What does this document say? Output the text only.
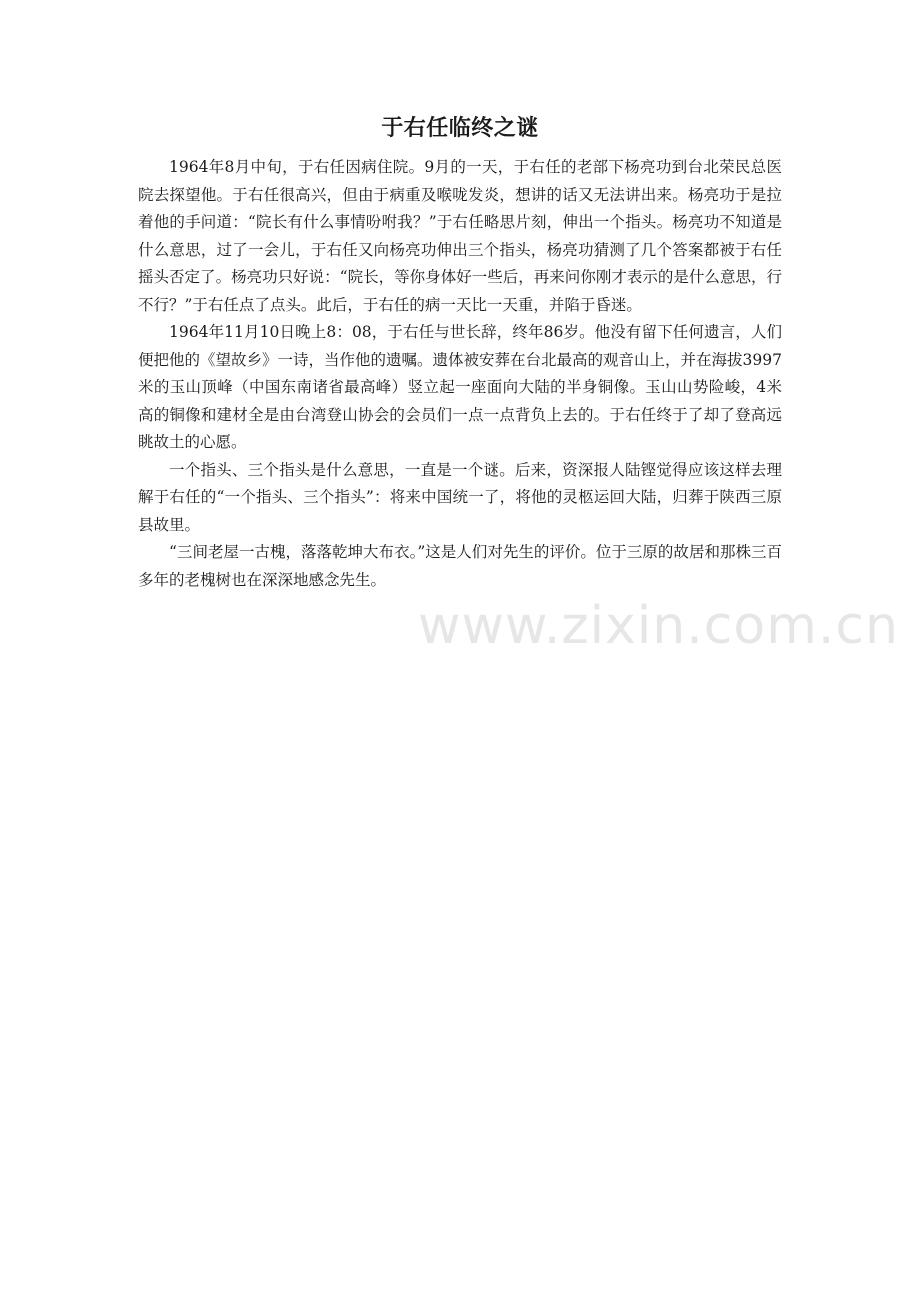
于右任临终之谜

1964年8月中旬，于右任因病住院。9月的一天，于右任的老部下杨亮功到台北荣民总医院去探望他。于右任很高兴，但由于病重及喉咙发炎，想讲的话又无法讲出来。杨亮功于是拉着他的手问道：“院长有什么事情吩咐我？”于右任略思片刻，伸出一个指头。杨亮功不知道是什么意思，过了一会儿，于右任又向杨亮功伸出三个指头，杨亮功猜测了几个答案都被于右任摇头否定了。杨亮功只好说：“院长，等你身体好一些后，再来问你刚才表示的是什么意思，行不行？”于右任点了点头。此后，于右任的病一天比一天重，并陷于昏迷。

1964年11月10日晚上8：08，于右任与世长辞，终年86岁。他没有留下任何遗言，人们便把他的《望故乡》一诗，当作他的遗嘱。遗体被安葬在台北最高的观音山上，并在海拔3997米的玉山顶峰（中国东南诸省最高峰）竖立起一座面向大陆的半身铜像。玉山山势险峻，4米高的铜像和建材全是由台湾登山协会的会员们一点一点背负上去的。于右任终于了却了登高远眺故土的心愿。

一个指头、三个指头是什么意思，一直是一个谜。后来，资深报人陆铿觉得应该这样去理解于右任的“一个指头、三个指头”：将来中国统一了，将他的灵柩运回大陆，归葬于陕西三原县故里。

“三间老屋一古槐，落落乾坤大布衣。”这是人们对先生的评价。位于三原的故居和那株三百多年的老槐树也在深深地感念先生。

www.zixin.com.cn
